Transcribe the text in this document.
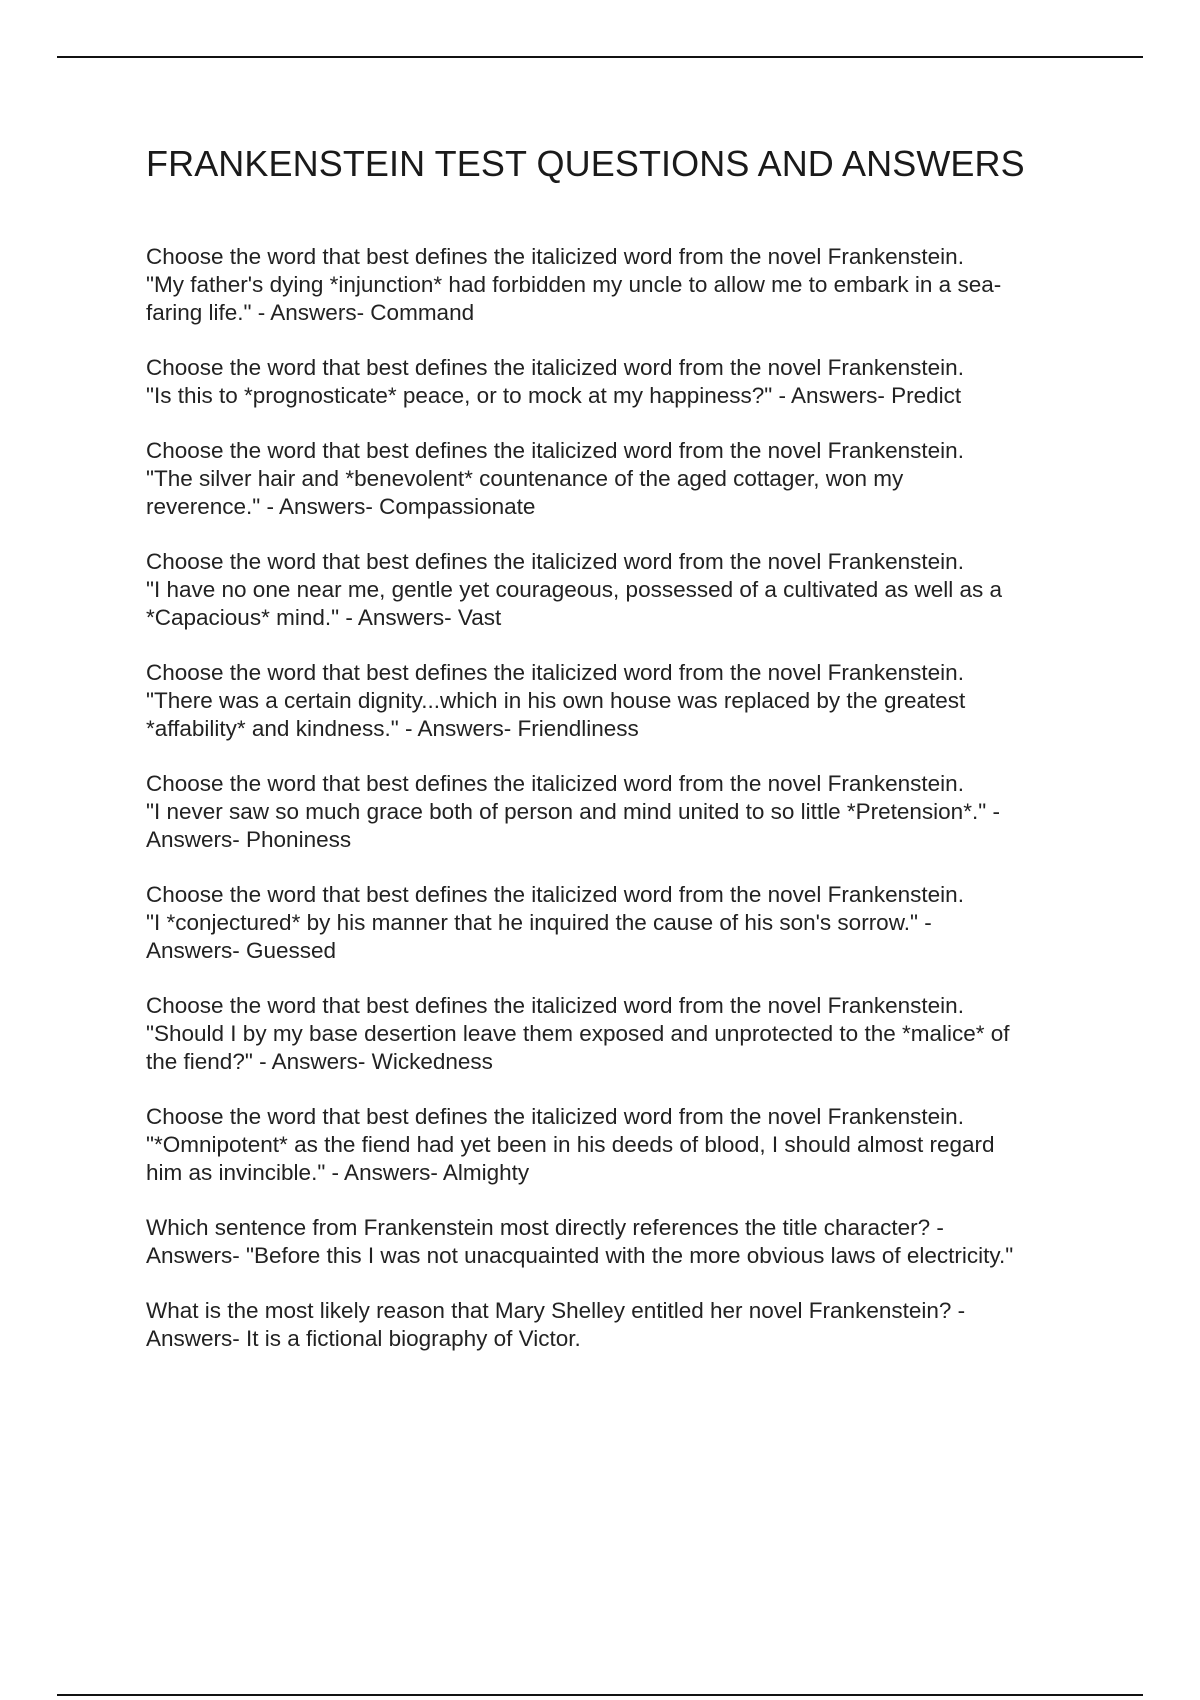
FRANKENSTEIN TEST QUESTIONS AND ANSWERS
Choose the word that best defines the italicized word from the novel Frankenstein.
"My father's dying *injunction* had forbidden my uncle to allow me to embark in a sea-
faring life." - Answers- Command
Choose the word that best defines the italicized word from the novel Frankenstein.
"Is this to *prognosticate* peace, or to mock at my happiness?" - Answers- Predict
Choose the word that best defines the italicized word from the novel Frankenstein.
"The silver hair and *benevolent* countenance of the aged cottager, won my
reverence." - Answers- Compassionate
Choose the word that best defines the italicized word from the novel Frankenstein.
"I have no one near me, gentle yet courageous, possessed of a cultivated as well as a
*Capacious* mind." - Answers- Vast
Choose the word that best defines the italicized word from the novel Frankenstein.
"There was a certain dignity...which in his own house was replaced by the greatest
*affability* and kindness." - Answers- Friendliness
Choose the word that best defines the italicized word from the novel Frankenstein.
"I never saw so much grace both of person and mind united to so little *Pretension*." -
Answers- Phoniness
Choose the word that best defines the italicized word from the novel Frankenstein.
"I *conjectured* by his manner that he inquired the cause of his son's sorrow." -
Answers- Guessed
Choose the word that best defines the italicized word from the novel Frankenstein.
"Should I by my base desertion leave them exposed and unprotected to the *malice* of
the fiend?" - Answers- Wickedness
Choose the word that best defines the italicized word from the novel Frankenstein.
"*Omnipotent* as the fiend had yet been in his deeds of blood, I should almost regard
him as invincible." - Answers- Almighty
Which sentence from Frankenstein most directly references the title character? -
Answers- "Before this I was not unacquainted with the more obvious laws of electricity."
What is the most likely reason that Mary Shelley entitled her novel Frankenstein? -
Answers- It is a fictional biography of Victor.
